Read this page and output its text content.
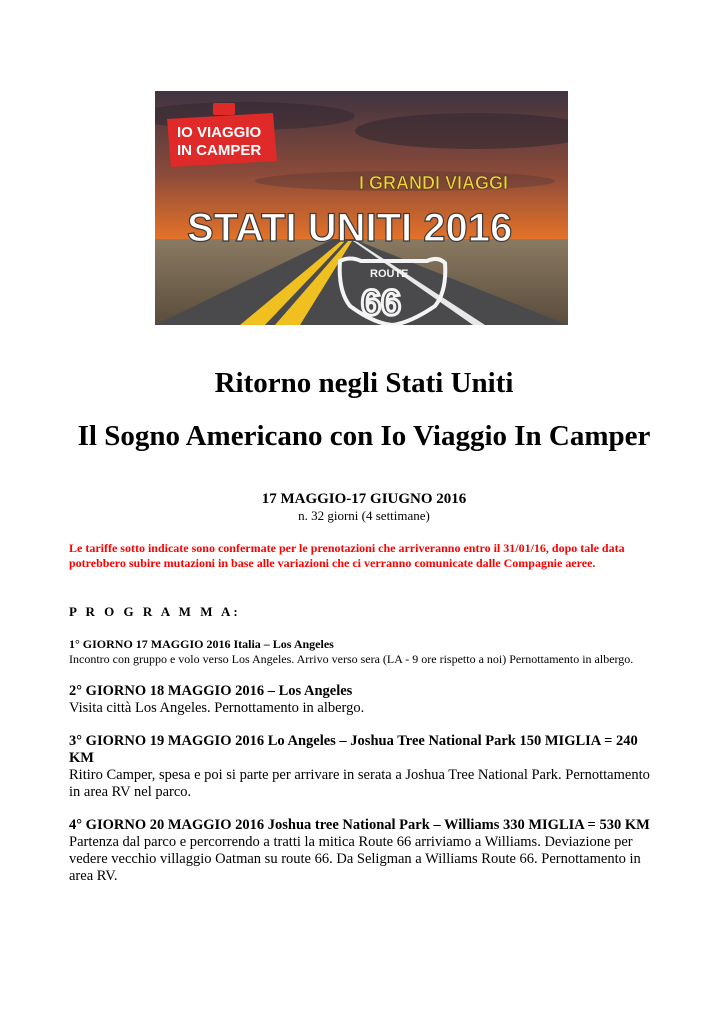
IO VIAGGIO
IN CAMPER
I GRANDI VIAGGI
STATI UNITI 2016
ROUTE
66
Ritorno negli Stati Uniti
Il Sogno Americano con Io Viaggio In Camper
17 MAGGIO-17 GIUGNO 2016
n. 32 giorni (4 settimane)
Le tariffe sotto indicate sono confermate per le prenotazioni che arriveranno entro il 31/01/16, dopo tale data potrebbero subire mutazioni in base alle variazioni che ci verranno comunicate dalle Compagnie aeree.
P R O G R A M M A:
1° GIORNO 17 MAGGIO 2016 Italia – Los Angeles
Incontro con gruppo e volo verso Los Angeles. Arrivo verso sera (LA - 9 ore rispetto a noi) Pernottamento in albergo.
2° GIORNO 18 MAGGIO 2016 – Los Angeles
Visita città Los Angeles. Pernottamento in albergo.
3° GIORNO 19 MAGGIO 2016 Lo Angeles – Joshua Tree National Park 150 MIGLIA = 240 KM
Ritiro Camper, spesa e poi si parte per arrivare in serata a Joshua Tree National Park. Pernottamento in area RV nel parco.
4° GIORNO 20 MAGGIO 2016 Joshua tree National Park – Williams 330 MIGLIA = 530 KM
Partenza dal parco e percorrendo a tratti la mitica Route 66 arriviamo a Williams. Deviazione per vedere vecchio villaggio Oatman su route 66. Da Seligman a Williams Route 66. Pernottamento in area RV.
